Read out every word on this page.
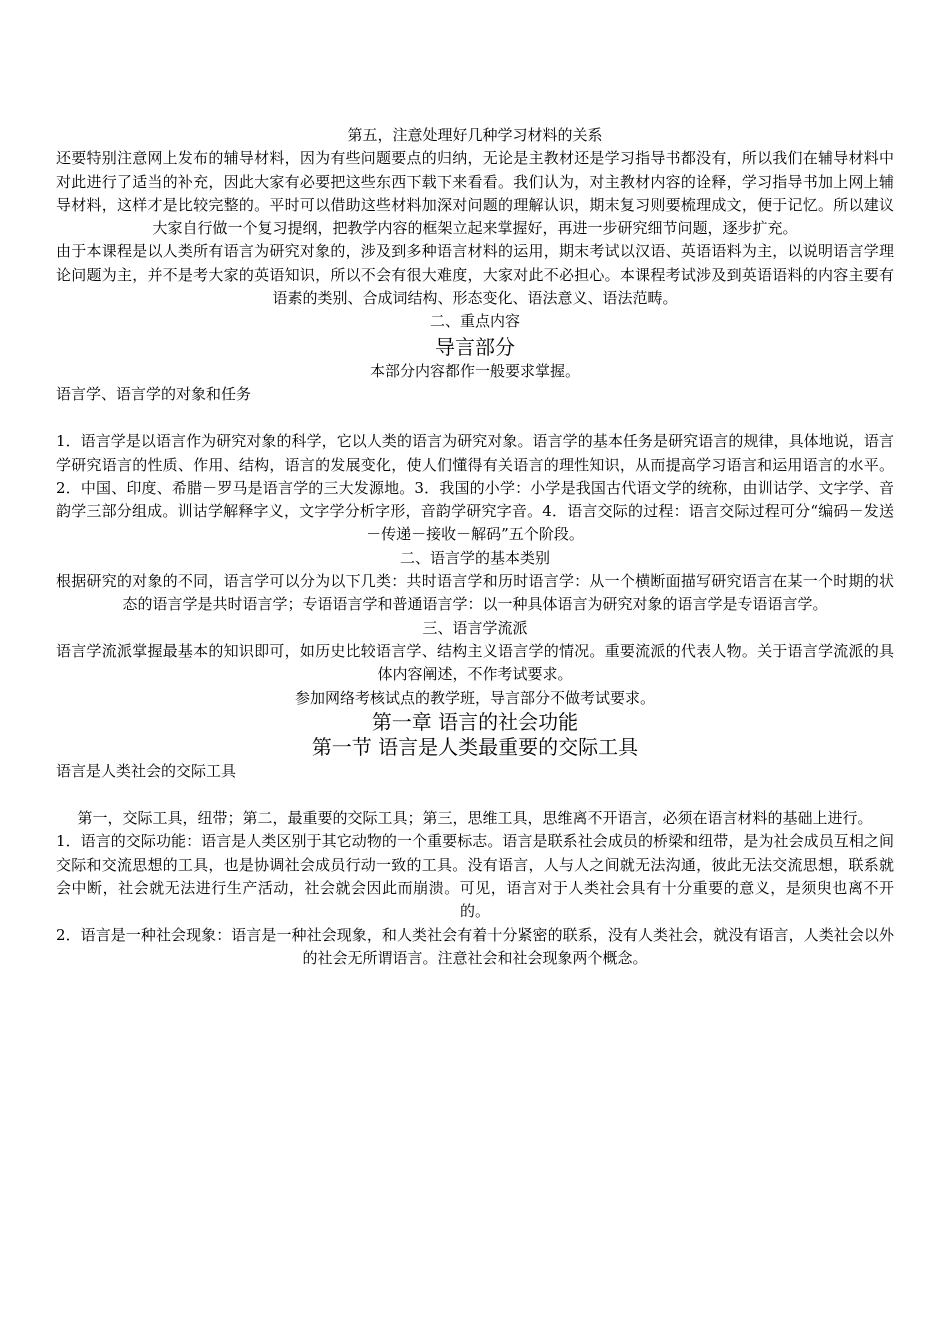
第五，注意处理好几种学习材料的关系

还要特别注意网上发布的辅导材料，因为有些问题要点的归纳，无论是主教材还是学习指导书都没有，所以我们在辅导材料中对此进行了适当的补充，因此大家有必要把这些东西下载下来看看。我们认为，对主教材内容的诠释，学习指导书加上网上辅导材料，这样才是比较完整的。平时可以借助这些材料加深对问题的理解认识，期末复习则要梳理成文，便于记忆。所以建议大家自行做一个复习提纲，把教学内容的框架立起来掌握好，再进一步研究细节问题，逐步扩充。

由于本课程是以人类所有语言为研究对象的，涉及到多种语言材料的运用，期末考试以汉语、英语语料为主，以说明语言学理论问题为主，并不是考大家的英语知识，所以不会有很大难度，大家对此不必担心。本课程考试涉及到英语语料的内容主要有语素的类别、合成词结构、形态变化、语法意义、语法范畴。

二、重点内容

导言部分

本部分内容都作一般要求掌握。

语言学、语言学的对象和任务

1．语言学是以语言作为研究对象的科学，它以人类的语言为研究对象。语言学的基本任务是研究语言的规律，具体地说，语言学研究语言的性质、作用、结构，语言的发展变化，使人们懂得有关语言的理性知识，从而提高学习语言和运用语言的水平。2．中国、印度、希腊－罗马是语言学的三大发源地。3．我国的小学：小学是我国古代语文学的统称，由训诂学、文字学、音韵学三部分组成。训诂学解释字义，文字学分析字形，音韵学研究字音。4．语言交际的过程：语言交际过程可分“编码－发送－传递－接收－解码”五个阶段。

二、语言学的基本类别

根据研究的对象的不同，语言学可以分为以下几类：共时语言学和历时语言学：从一个横断面描写研究语言在某一个时期的状态的语言学是共时语言学；专语语言学和普通语言学：以一种具体语言为研究对象的语言学是专语语言学。

三、语言学流派

语言学流派掌握最基本的知识即可，如历史比较语言学、结构主义语言学的情况。重要流派的代表人物。关于语言学流派的具体内容阐述，不作考试要求。

参加网络考核试点的教学班，导言部分不做考试要求。

第一章 语言的社会功能

第一节 语言是人类最重要的交际工具

语言是人类社会的交际工具

第一，交际工具，纽带；第二，最重要的交际工具；第三，思维工具，思维离不开语言，必须在语言材料的基础上进行。

1．语言的交际功能：语言是人类区别于其它动物的一个重要标志。语言是联系社会成员的桥梁和纽带，是为社会成员互相之间交际和交流思想的工具，也是协调社会成员行动一致的工具。没有语言，人与人之间就无法沟通，彼此无法交流思想，联系就会中断，社会就无法进行生产活动，社会就会因此而崩溃。可见，语言对于人类社会具有十分重要的意义，是须臾也离不开的。

2．语言是一种社会现象：语言是一种社会现象，和人类社会有着十分紧密的联系，没有人类社会，就没有语言，人类社会以外的社会无所谓语言。注意社会和社会现象两个概念。
